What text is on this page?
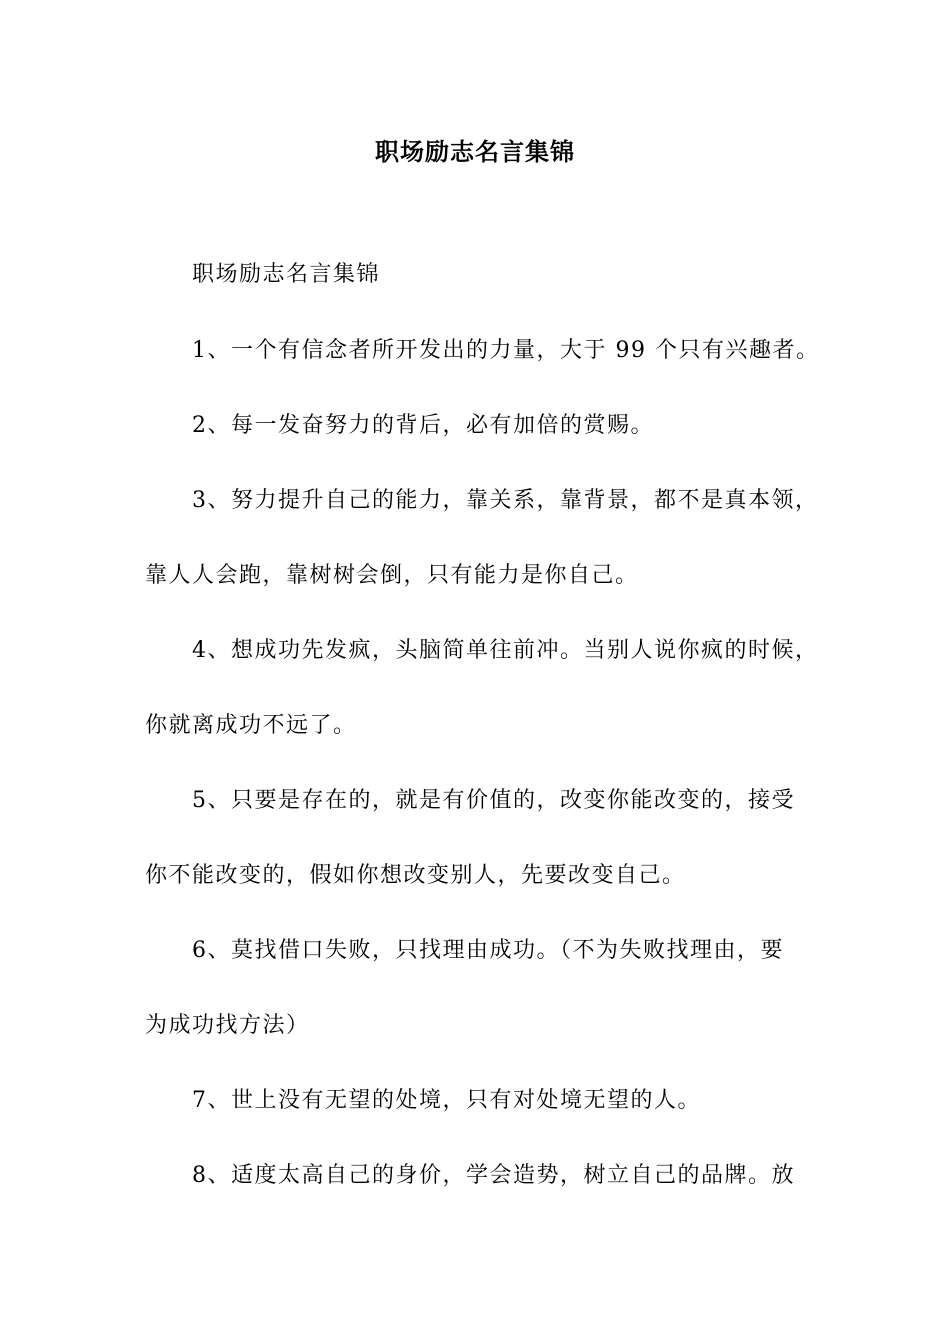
职场励志名言集锦
职场励志名言集锦
1、一个有信念者所开发出的力量，大于 99 个只有兴趣者。
2、每一发奋努力的背后，必有加倍的赏赐。
3、努力提升自己的能力，靠关系，靠背景，都不是真本领，
靠人人会跑，靠树树会倒，只有能力是你自己。
4、想成功先发疯，头脑简单往前冲。当别人说你疯的时候，
你就离成功不远了。
5、只要是存在的，就是有价值的，改变你能改变的，接受
你不能改变的，假如你想改变别人，先要改变自己。
6、莫找借口失败，只找理由成功。（不为失败找理由，要
为成功找方法）
7、世上没有无望的处境，只有对处境无望的人。
8、适度太高自己的身价，学会造势，树立自己的品牌。放
